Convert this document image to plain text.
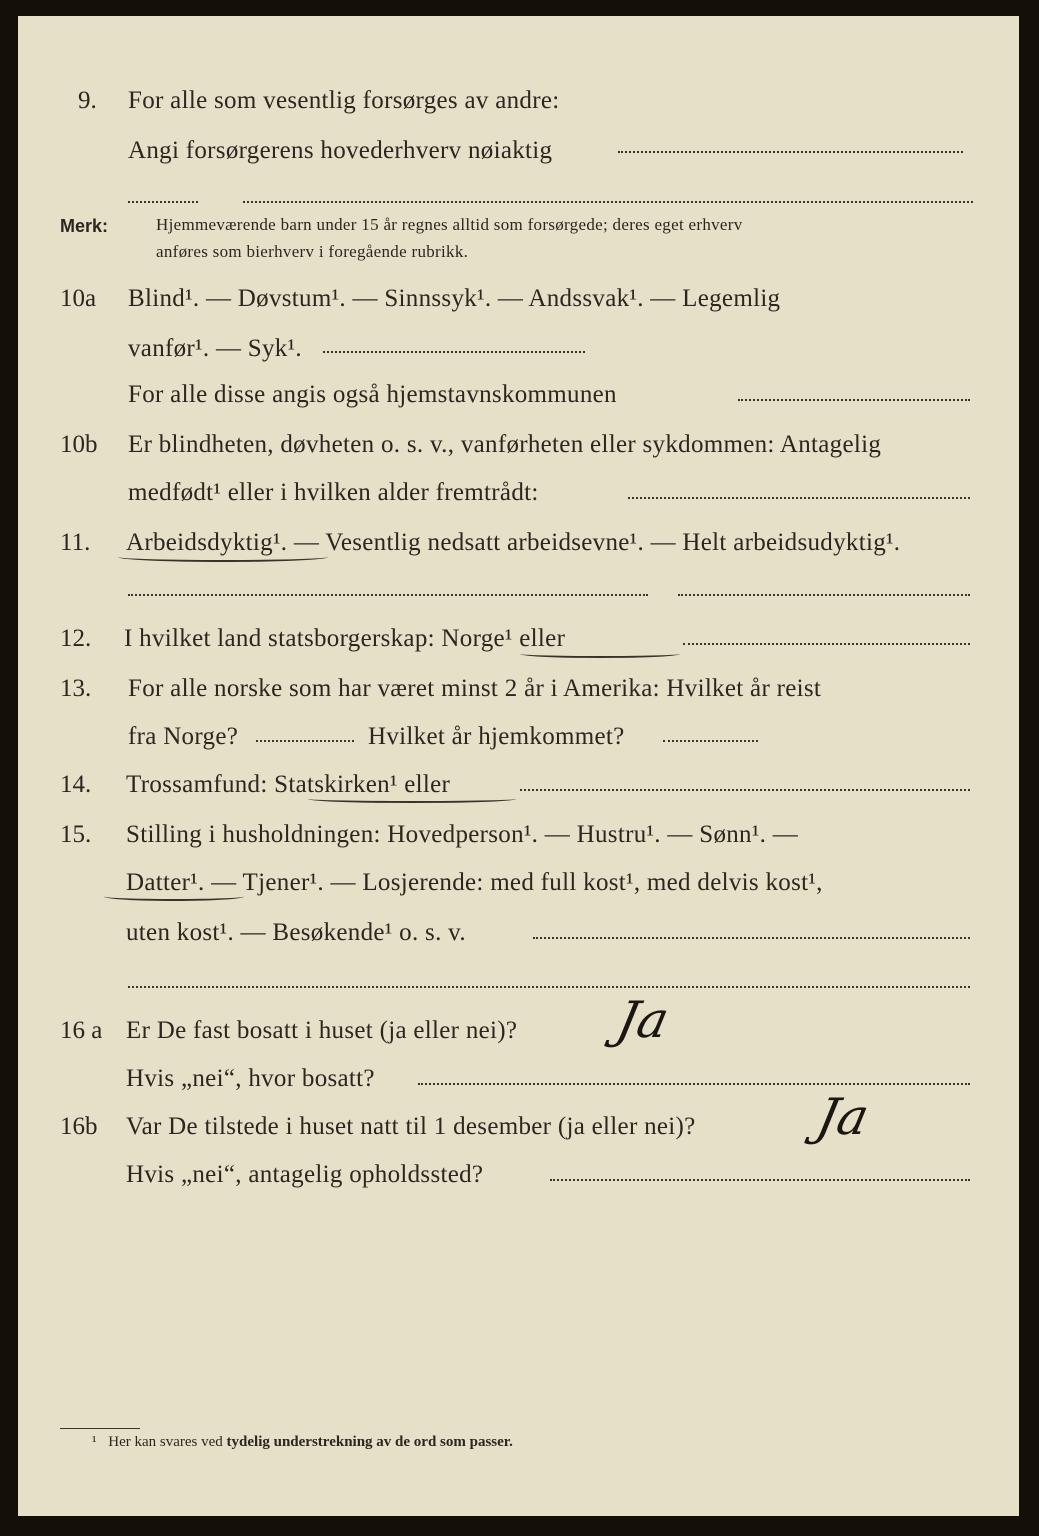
9. For alle som vesentlig forsørges av andre:
Angi forsørgerens hovederhverv nøiaktig
Merk:	Hjemmeværende barn under 15 år regnes alltid som forsørgede; deres eget erhverv
anføres som bierhverv i foregående rubrikk.
10a Blind¹. — Døvstum¹. — Sinnssyk¹. — Andssvak¹. — Legemlig
vanfør¹. — Syk¹.
For alle disse angis også hjemstavnskommunen
10b Er blindheten, døvheten o. s. v., vanførheten eller sykdommen: Antagelig
medfødt¹ eller i hvilken alder fremtrådt:
11. Arbeidsdyktig¹. — Vesentlig nedsatt arbeidsevne¹. — Helt arbeidsudyktig¹.
12. I hvilket land statsborgerskap: Norge¹ eller
13. For alle norske som har været minst 2 år i Amerika: Hvilket år reist
fra Norge?	Hvilket år hjemkommet?
14. Trossamfund: Statskirken¹ eller
15. Stilling i husholdningen: Hovedperson¹. — Hustru¹. — Sønn¹. —
Datter¹. — Tjener¹. — Losjerende: med full kost¹, med delvis kost¹,
uten kost¹. — Besøkende¹ o. s. v.
16 a Er De fast bosatt i huset (ja eller nei)? Ja
Hvis „nei“, hvor bosatt?
16b Var De tilstede i huset natt til 1 desember (ja eller nei)? Ja
Hvis „nei“, antagelig opholdssted?
¹ Her kan svares ved tydelig understrekning av de ord som passer.
